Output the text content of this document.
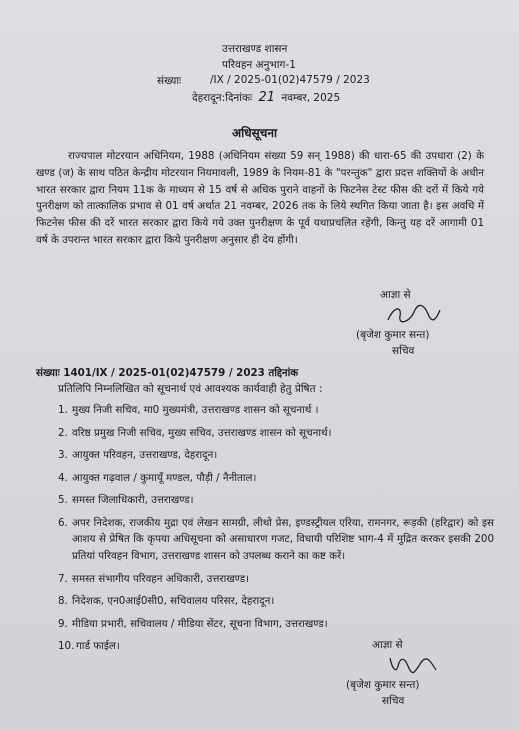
उत्तराखण्ड शासन
परिवहन अनुभाग-1
संख्याः	/IX / 2025-01(02)47579 / 2023
देहरादून:दिनांकः 21 नवम्बर, 2025
अधिसूचना

राज्यपाल मोटरयान अधिनियम, 1988 (अधिनियम संख्या 59 सन् 1988) की धारा-65 की उपधारा (2) के खण्ड (ज) के साथ पठित केन्द्रीय मोटरयान नियमावली, 1989 के नियम-81 के "परन्तुक" द्वारा प्रदत्त शक्तियों के अधीन भारत सरकार द्वारा नियम 11क के माध्यम से 15 वर्ष से अधिक पुराने वाहनों के फिटनेस टेस्ट फीस की दरों में किये गये पुनरीक्षण को तात्कालिक प्रभाव से 01 वर्ष अर्थात 21 नवम्बर, 2026 तक के लिये स्थगित किया जाता है। इस अवधि में फिटनेस फीस की दरें भारत सरकार द्वारा किये गये उक्त पुनरीक्षण के पूर्व यथाप्रचलित रहेंगी, किन्तु यह दरें आगामी 01 वर्ष के उपरान्त भारत सरकार द्वारा किये पुनरीक्षण अनुसार ही देय होंगी।

आज्ञा से
(बृजेश कुमार सन्त)
सचिव
संख्याः 1401/IX / 2025-01(02)47579 / 2023 तद्दिनांक
प्रतिलिपि निम्नलिखित को सूचनार्थ एवं आवश्यक कार्यवाही हेतु प्रेषित :
1. मुख्य निजी सचिव, मा0 मुख्यमंत्री, उत्तराखण्ड शासन को सूचनार्थ ।
2. वरिष्ठ प्रमुख निजी सचिव, मुख्य सचिव, उत्तराखण्ड शासन को सूचनार्थ।
3. आयुक्त परिवहन, उत्तराखण्ड, देहरादून।
4. आयुक्त गढ़वाल / कुमायूँ मण्डल, पौड़ी / नैनीताल।
5. समस्त जिलाधिकारी, उत्तराखण्ड।
6. अपर निदेशक, राजकीय मुद्रा एवं लेखन सामग्री, लीथो प्रेस, इण्डस्ट्रीयल एरिया, रामनगर, रूड़की (हरिद्वार) को इस आशय से प्रेषित कि कृपया अधिसूचना को असाधारण गजट, विधायी परिशिष्ट भाग-4 में मुद्रित करकर इसकी 200 प्रतियां परिवहन विभाग, उत्तराखण्ड शासन को उपलब्ध कराने का कष्ट करें।
7. समस्त संभागीय परिवहन अधिकारी, उत्तराखण्ड।
8. निदेशक, एन0आई0सी0, सचिवालय परिसर, देहरादून।
9. मीडिया प्रभारी, सचिवालय / मीडिया सेंटर, सूचना विभाग, उत्तराखण्ड।
10. गार्ड फाईल।	आज्ञा से
(बृजेश कुमार सन्त)
सचिव
